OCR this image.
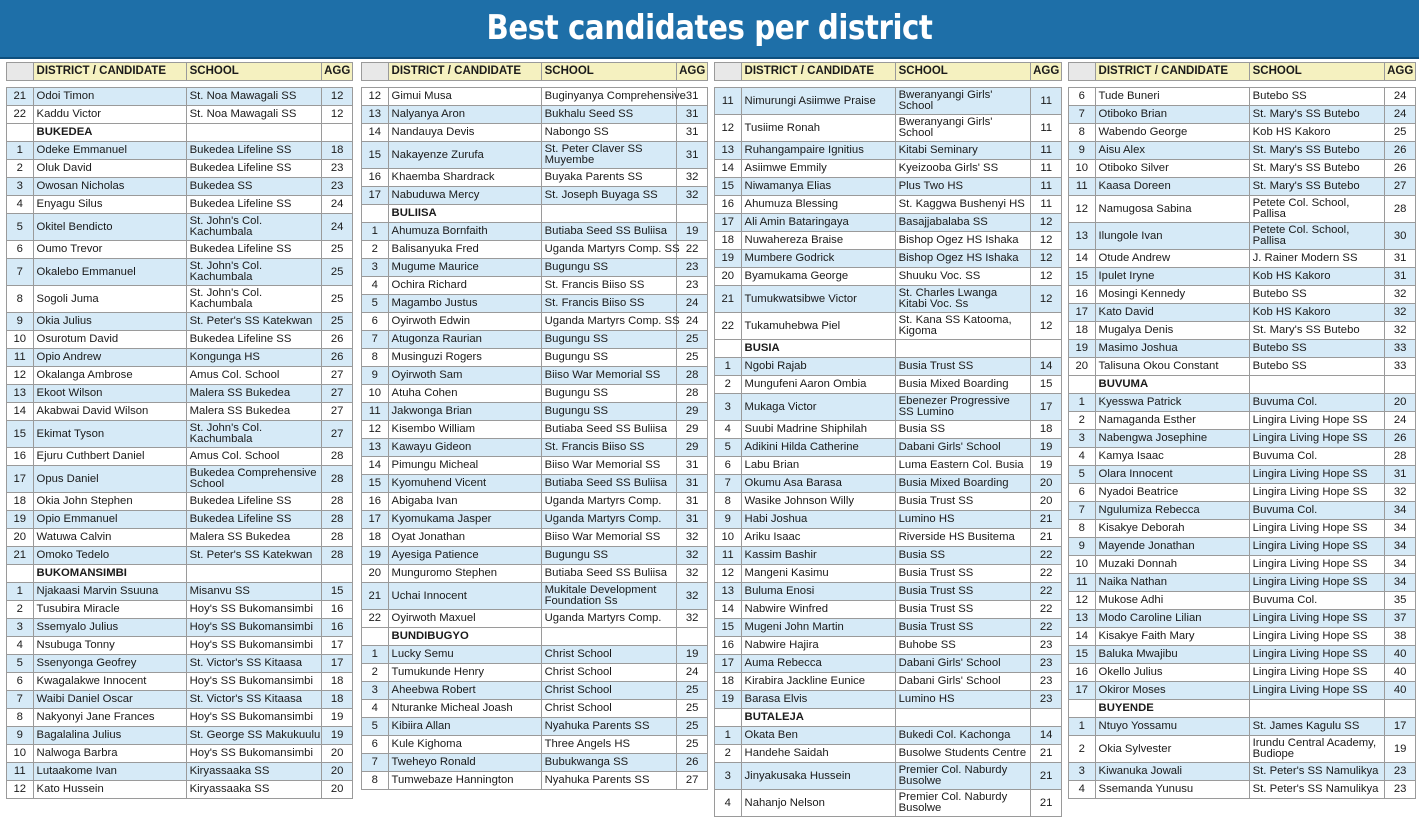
Best candidates per district
	DISTRICT / CANDIDATE	SCHOOL	AGG

21	Odoi Timon	St. Noa Mawagali SS	12
22	Kaddu Victor	St. Noa Mawagali SS	12
	BUKEDEA		
1	Odeke Emmanuel	Bukedea Lifeline SS	18
2	Oluk David	Bukedea Lifeline SS	23
3	Owosan Nicholas	Bukedea SS	23
4	Enyagu Silus	Bukedea Lifeline SS	24
5	Okitel Bendicto	St. John's Col. Kachumbala	24
6	Oumo Trevor	Bukedea Lifeline SS	25
7	Okalebo Emmanuel	St. John's Col. Kachumbala	25
8	Sogoli Juma	St. John's Col. Kachumbala	25
9	Okia Julius	St. Peter's SS Katekwan	25
10	Osurotum David	Bukedea Lifeline SS	26
11	Opio Andrew	Kongunga HS	26
12	Okalanga Ambrose	Amus Col. School	27
13	Ekoot Wilson	Malera SS Bukedea	27
14	Akabwai David Wilson	Malera SS Bukedea	27
15	Ekimat Tyson	St. John's Col. Kachumbala	27
16	Ejuru Cuthbert Daniel	Amus Col. School	28
17	Opus Daniel	Bukedea Comprehensive School	28
18	Okia John Stephen	Bukedea Lifeline SS	28
19	Opio Emmanuel	Bukedea Lifeline SS	28
20	Watuwa Calvin	Malera SS Bukedea	28
21	Omoko Tedelo	St. Peter's SS Katekwan	28
	BUKOMANSIMBI		
1	Njakaasi Marvin Ssuuna	Misanvu SS	15
2	Tusubira Miracle	Hoy's SS Bukomansimbi	16
3	Ssemyalo Julius	Hoy's SS Bukomansimbi	16
4	Nsubuga Tonny	Hoy's SS Bukomansimbi	17
5	Ssenyonga Geofrey	St. Victor's SS Kitaasa	17
6	Kwagalakwe Innocent	Hoy's SS Bukomansimbi	18
7	Waibi Daniel Oscar	St. Victor's SS Kitaasa	18
8	Nakyonyi Jane Frances	Hoy's SS Bukomansimbi	19
9	Bagalalina Julius	St. George SS Makukuulu	19
10	Nalwoga Barbra	Hoy's SS Bukomansimbi	20
11	Lutaakome Ivan	Kiryassaaka SS	20
12	Kato Hussein	Kiryassaaka SS	20
	DISTRICT / CANDIDATE	SCHOOL	AGG

12	Gimui Musa	Buginyanya Comprehensive	31
13	Nalyanya Aron	Bukhalu Seed SS	31
14	Nandauya Devis	Nabongo SS	31
15	Nakayenze Zurufa	St. Peter Claver SS Muyembe	31
16	Khaemba Shardrack	Buyaka Parents SS	32
17	Nabuduwa Mercy	St. Joseph Buyaga SS	32
	BULIISA		
1	Ahumuza Bornfaith	Butiaba Seed SS Buliisa	19
2	Balisanyuka Fred	Uganda Martyrs Comp. SS	22
3	Mugume Maurice	Bugungu SS	23
4	Ochira Richard	St. Francis Biiso SS	23
5	Magambo Justus	St. Francis Biiso SS	24
6	Oyirwoth Edwin	Uganda Martyrs Comp. SS	24
7	Atugonza Raurian	Bugungu SS	25
8	Musinguzi Rogers	Bugungu SS	25
9	Oyirwoth Sam	Biiso War Memorial SS	28
10	Atuha Cohen	Bugungu SS	28
11	Jakwonga Brian	Bugungu SS	29
12	Kisembo William	Butiaba Seed SS Buliisa	29
13	Kawayu Gideon	St. Francis Biiso SS	29
14	Pimungu Micheal	Biiso War Memorial SS	31
15	Kyomuhend Vicent	Butiaba Seed SS Buliisa	31
16	Abigaba Ivan	Uganda Martyrs Comp.	31
17	Kyomukama Jasper	Uganda Martyrs Comp.	31
18	Oyat Jonathan	Biiso War Memorial SS	32
19	Ayesiga Patience	Bugungu SS	32
20	Munguromo Stephen	Butiaba Seed SS Buliisa	32
21	Uchai Innocent	Mukitale Development Foundation Ss	32
22	Oyirwoth Maxuel	Uganda Martyrs Comp.	32
	BUNDIBUGYO		
1	Lucky Semu	Christ School	19
2	Tumukunde Henry	Christ School	24
3	Aheebwa Robert	Christ School	25
4	Nturanke Micheal Joash	Christ School	25
5	Kibiira Allan	Nyahuka Parents SS	25
6	Kule Kighoma	Three Angels HS	25
7	Tweheyo Ronald	Bubukwanga SS	26
8	Tumwebaze Hannington	Nyahuka Parents SS	27
	DISTRICT / CANDIDATE	SCHOOL	AGG

11	Nimurungi Asiimwe Praise	Bweranyangi Girls' School	11
12	Tusiime Ronah	Bweranyangi Girls' School	11
13	Ruhangampaire Ignitius	Kitabi Seminary	11
14	Asiimwe Emmily	Kyeizooba Girls' SS	11
15	Niwamanya Elias	Plus Two HS	11
16	Ahumuza Blessing	St. Kaggwa Bushenyi HS	11
17	Ali Amin Bataringaya	Basajjabalaba SS	12
18	Nuwahereza Braise	Bishop Ogez HS Ishaka	12
19	Mumbere Godrick	Bishop Ogez HS Ishaka	12
20	Byamukama George	Shuuku Voc. SS	12
21	Tumukwatsibwe Victor	St. Charles Lwanga Kitabi Voc. Ss	12
22	Tukamuhebwa Piel	St. Kana SS Katooma, Kigoma	12
	BUSIA		
1	Ngobi Rajab	Busia Trust SS	14
2	Mungufeni Aaron Ombia	Busia Mixed Boarding	15
3	Mukaga Victor	Ebenezer Progressive SS Lumino	17
4	Suubi Madrine Shiphilah	Busia SS	18
5	Adikini Hilda Catherine	Dabani Girls' School	19
6	Labu Brian	Luma Eastern Col. Busia	19
7	Okumu Asa Barasa	Busia Mixed Boarding	20
8	Wasike Johnson Willy	Busia Trust SS	20
9	Habi Joshua	Lumino HS	21
10	Ariku Isaac	Riverside HS Busitema	21
11	Kassim Bashir	Busia SS	22
12	Mangeni Kasimu	Busia Trust SS	22
13	Buluma Enosi	Busia Trust SS	22
14	Nabwire Winfred	Busia Trust SS	22
15	Mugeni John Martin	Busia Trust SS	22
16	Nabwire Hajira	Buhobe SS	23
17	Auma Rebecca	Dabani Girls' School	23
18	Kirabira Jackline Eunice	Dabani Girls' School	23
19	Barasa Elvis	Lumino HS	23
	BUTALEJA		
1	Okata Ben	Bukedi Col. Kachonga	14
2	Handehe Saidah	Busolwe Students Centre	21
3	Jinyakusaka Hussein	Premier Col. Naburdy Busolwe	21
4	Nahanjo Nelson	Premier Col. Naburdy Busolwe	21
	DISTRICT / CANDIDATE	SCHOOL	AGG

6	Tude Buneri	Butebo SS	24
7	Otiboko Brian	St. Mary's SS Butebo	24
8	Wabendo George	Kob HS Kakoro	25
9	Aisu Alex	St. Mary's SS Butebo	26
10	Otiboko Silver	St. Mary's SS Butebo	26
11	Kaasa Doreen	St. Mary's SS Butebo	27
12	Namugosa Sabina	Petete Col. School, Pallisa	28
13	Ilungole Ivan	Petete Col. School, Pallisa	30
14	Otude Andrew	J. Rainer Modern SS	31
15	Ipulet Iryne	Kob HS Kakoro	31
16	Mosingi Kennedy	Butebo SS	32
17	Kato David	Kob HS Kakoro	32
18	Mugalya Denis	St. Mary's SS Butebo	32
19	Masimo Joshua	Butebo SS	33
20	Talisuna Okou Constant	Butebo SS	33
	BUVUMA		
1	Kyesswa Patrick	Buvuma Col.	20
2	Namaganda Esther	Lingira Living Hope SS	24
3	Nabengwa Josephine	Lingira Living Hope SS	26
4	Kamya Isaac	Buvuma Col.	28
5	Olara Innocent	Lingira Living Hope SS	31
6	Nyadoi Beatrice	Lingira Living Hope SS	32
7	Ngulumiza Rebecca	Buvuma Col.	34
8	Kisakye Deborah	Lingira Living Hope SS	34
9	Mayende Jonathan	Lingira Living Hope SS	34
10	Muzaki Donnah	Lingira Living Hope SS	34
11	Naika Nathan	Lingira Living Hope SS	34
12	Mukose Adhi	Buvuma Col.	35
13	Modo Caroline Lilian	Lingira Living Hope SS	37
14	Kisakye Faith Mary	Lingira Living Hope SS	38
15	Baluka Mwajibu	Lingira Living Hope SS	40
16	Okello Julius	Lingira Living Hope SS	40
17	Okiror Moses	Lingira Living Hope SS	40
	BUYENDE		
1	Ntuyo Yossamu	St. James Kagulu SS	17
2	Okia Sylvester	Irundu Central Academy, Budiope	19
3	Kiwanuka Jowali	St. Peter's SS Namulikya	23
4	Ssemanda Yunusu	St. Peter's SS Namulikya	23
